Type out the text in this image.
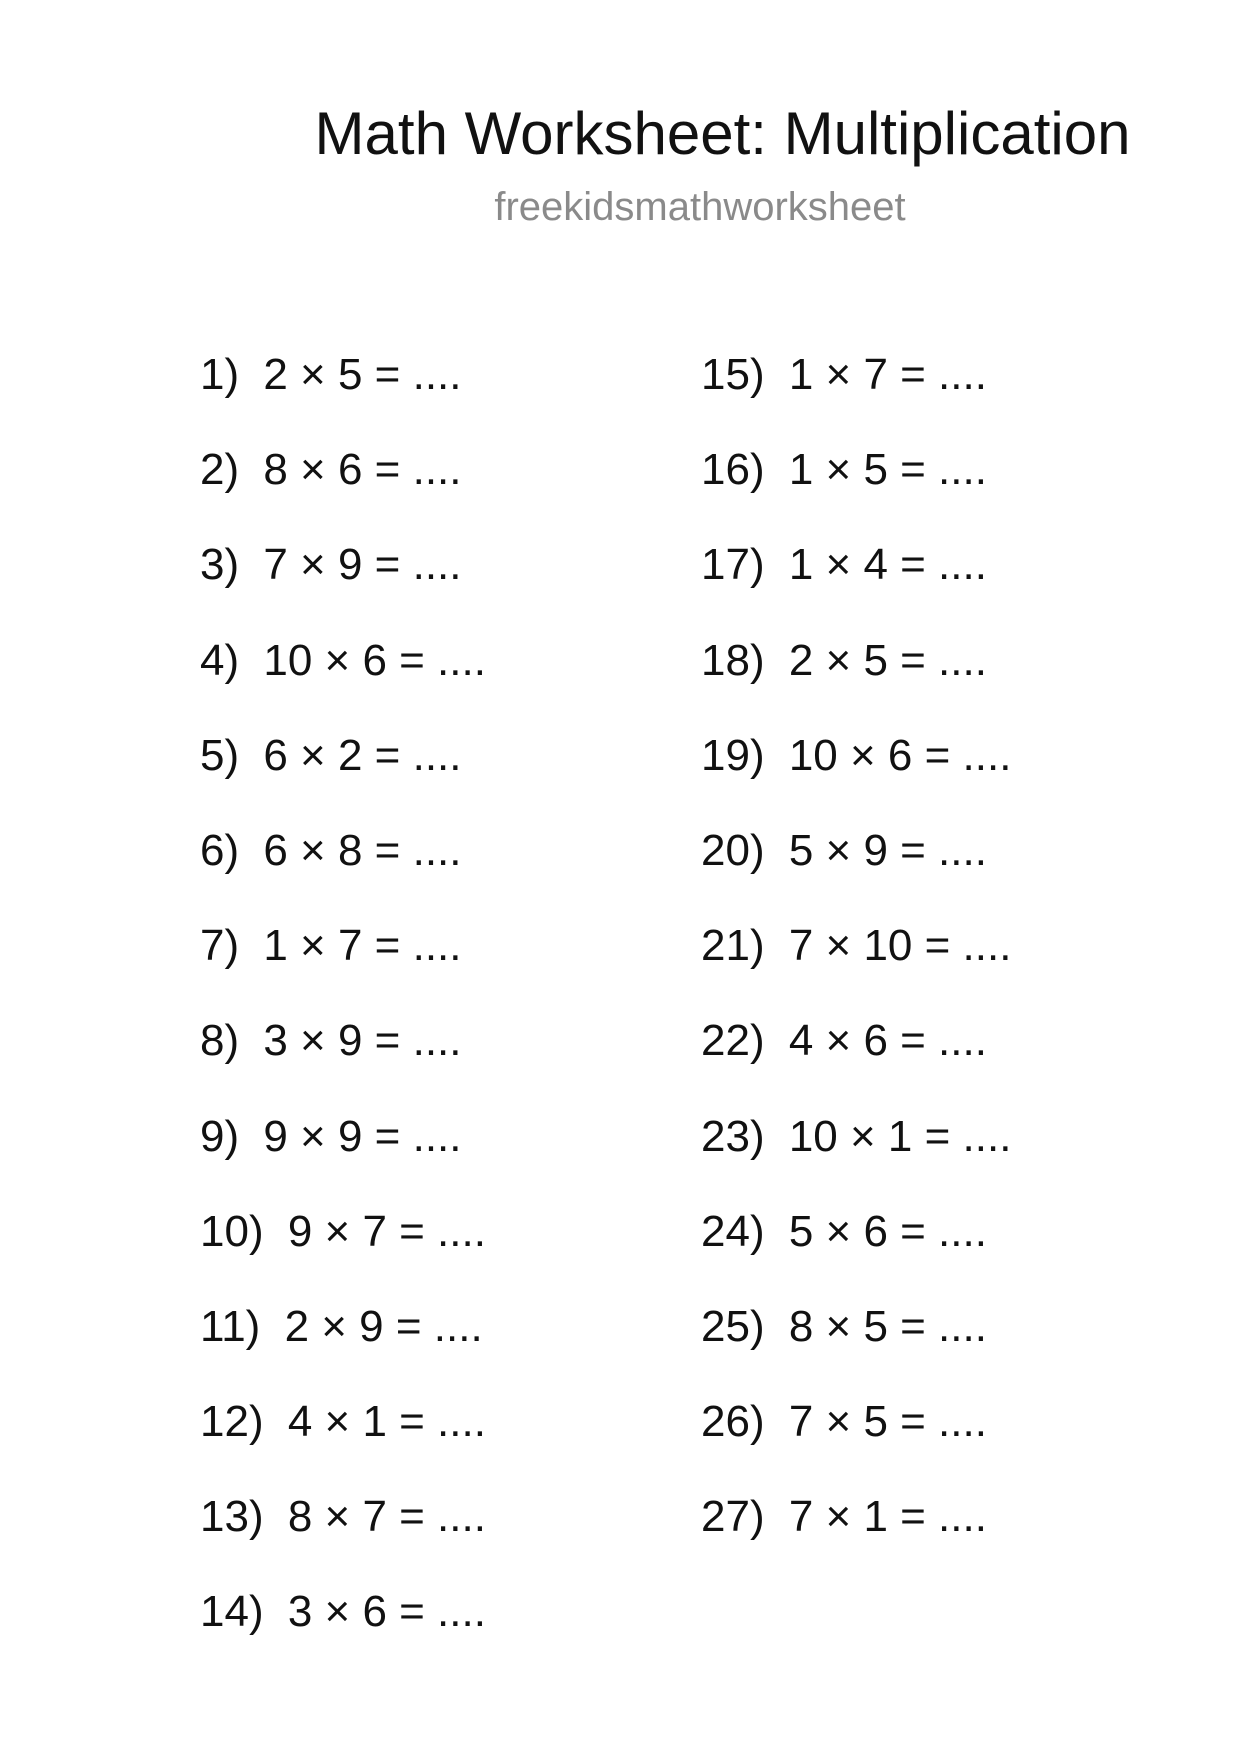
Math Worksheet: Multiplication
freekidsmathworksheet
1) 2 × 5 = ....
2) 8 × 6 = ....
3) 7 × 9 = ....
4) 10 × 6 = ....
5) 6 × 2 = ....
6) 6 × 8 = ....
7) 1 × 7 = ....
8) 3 × 9 = ....
9) 9 × 9 = ....
10) 9 × 7 = ....
11) 2 × 9 = ....
12) 4 × 1 = ....
13) 8 × 7 = ....
14) 3 × 6 = ....
15) 1 × 7 = ....
16) 1 × 5 = ....
17) 1 × 4 = ....
18) 2 × 5 = ....
19) 10 × 6 = ....
20) 5 × 9 = ....
21) 7 × 10 = ....
22) 4 × 6 = ....
23) 10 × 1 = ....
24) 5 × 6 = ....
25) 8 × 5 = ....
26) 7 × 5 = ....
27) 7 × 1 = ....
